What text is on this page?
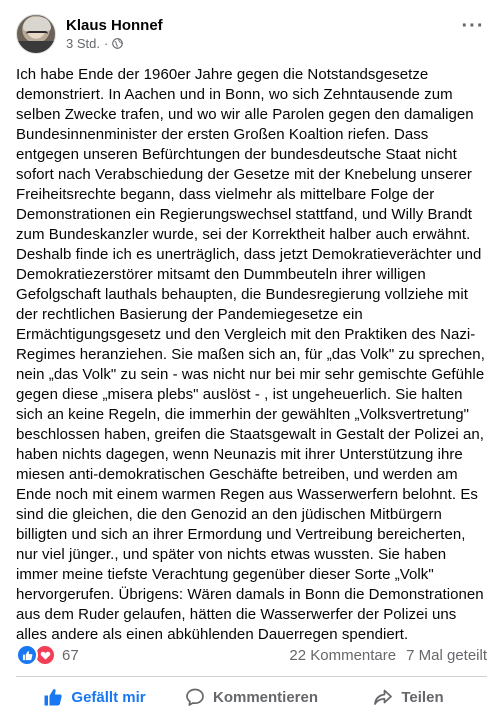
Klaus Honnef
3 Std. ·
···
Ich habe Ende der 1960er Jahre gegen die Notstandsgesetze demonstriert. In Aachen und in Bonn, wo sich Zehntausende zum selben Zwecke trafen, und wo wir alle Parolen gegen den damaligen Bundesinnenminister der ersten Großen Koaltion riefen. Dass entgegen unseren Befürchtungen der bundesdeutsche Staat nicht sofort nach Verabschiedung der Gesetze mit der Knebelung unserer Freiheitsrechte begann, dass vielmehr als mittelbare Folge der Demonstrationen ein Regierungswechsel stattfand, und Willy Brandt zum Bundeskanzler wurde, sei der Korrektheit halber auch erwähnt. Deshalb finde ich es unerträglich, dass jetzt Demokratieverächter und Demokratiezerstörer mitsamt den Dummbeuteln ihrer willigen Gefolgschaft lauthals behaupten, die Bundesregierung vollziehe mit der rechtlichen Basierung der Pandemiegesetze ein Ermächtigungsgesetz und den Vergleich mit den Praktiken des Nazi-Regimes heranziehen. Sie maßen sich an, für „das Volk" zu sprechen, nein „das Volk" zu sein - was nicht nur bei mir sehr gemischte Gefühle gegen diese „misera plebs" auslöst - , ist ungeheuerlich. Sie halten sich an keine Regeln, die immerhin der gewählten „Volksvertretung" beschlossen haben, greifen die Staatsgewalt in Gestalt der Polizei an, haben nichts dagegen, wenn Neunazis mit ihrer Unterstützung ihre miesen anti-demokratischen Geschäfte betreiben, und werden am Ende noch mit einem warmen Regen aus Wasserwerfern belohnt. Es sind die gleichen, die den Genozid an den jüdischen Mitbürgern billigten und sich an ihrer Ermordung und Vertreibung bereicherten, nur viel jünger., und später von nichts etwas wussten. Sie haben immer meine tiefste Verachtung gegenüber dieser Sorte „Volk" hervorgerufen. Übrigens: Wären damals in Bonn die Demonstrationen aus dem Ruder gelaufen, hätten die Wasserwerfer der Polizei uns alles andere als einen abkühlenden Dauerregen spendiert.
67	22 Kommentare 7 Mal geteilt
Gefällt mir	Kommentieren	Teilen
